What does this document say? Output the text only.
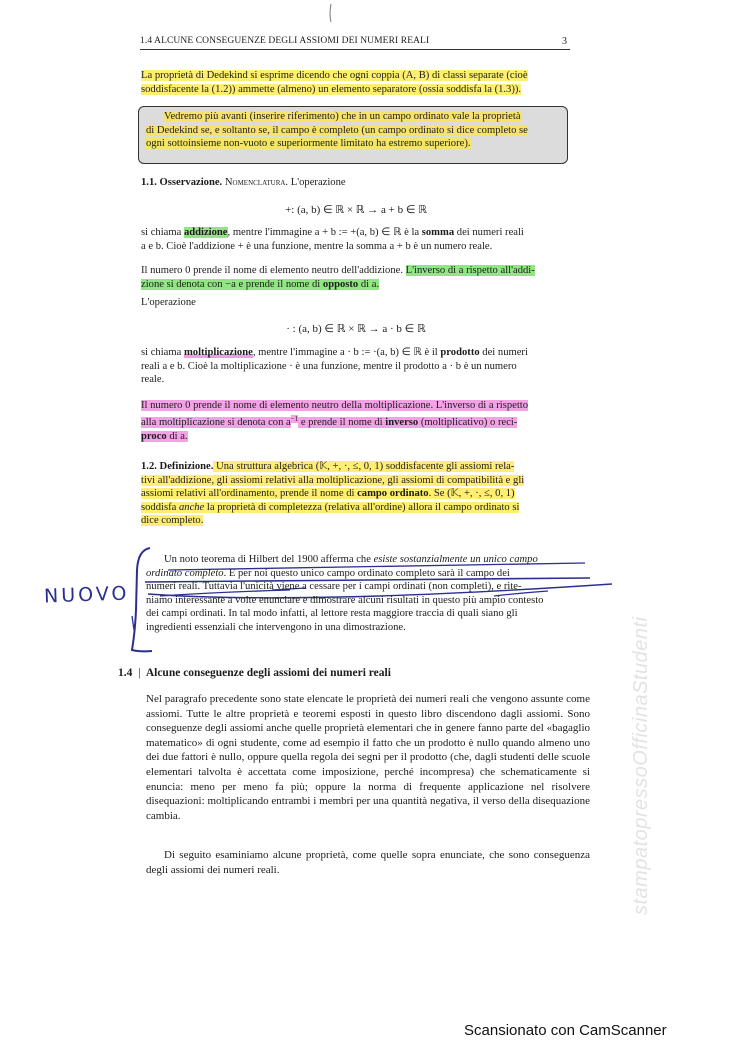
1.4 ALCUNE CONSEGUENZE DEGLI ASSIOMI DEI NUMERI REALI	3
La proprietà di Dedekind si esprime dicendo che ogni coppia (A, B) di classi separate (cioè
soddisfacente la (1.2)) ammette (almeno) un elemento separatore (ossia soddisfa la (1.3)).
Vedremo più avanti (inserire riferimento) che in un campo ordinato vale la proprietà
di Dedekind se, e soltanto se, il campo è completo (un campo ordinato si dice completo se
ogni sottoinsieme non-vuoto e superiormente limitato ha estremo superiore).
1.1. Osservazione. Nomenclatura. L'operazione
+: (a, b) ∈ ℝ × ℝ → a + b ∈ ℝ
si chiama addizione, mentre l'immagine a + b := +(a, b) ∈ ℝ è la somma dei numeri reali
a e b. Cioè l'addizione + è una funzione, mentre la somma a + b è un numero reale.
Il numero 0 prende il nome di elemento neutro dell'addizione. L'inverso di a rispetto all'addi-
zione si denota con −a e prende il nome di opposto di a.
L'operazione
· : (a, b) ∈ ℝ × ℝ → a · b ∈ ℝ
si chiama moltiplicazione, mentre l'immagine a · b := ·(a, b) ∈ ℝ è il prodotto dei numeri
reali a e b. Cioè la moltiplicazione · è una funzione, mentre il prodotto a · b è un numero
reale.
Il numero 0 prende il nome di elemento neutro della moltiplicazione. L'inverso di a rispetto
alla moltiplicazione si denota con $a^{-1}$ e prende il nome di inverso (moltiplicativo) o reci-
proco di a.
1.2. Definizione. Una struttura algebrica (𝕂, +, ·, ≤, 0, 1) soddisfacente gli assiomi rela-
tivi all'addizione, gli assiomi relativi alla moltiplicazione, gli assiomi di compatibilità e gli
assiomi relativi all'ordinamento, prende il nome di campo ordinato. Se (𝕂, +, ·, ≤, 0, 1)
soddisfa anche la proprietà di completezza (relativa all'ordine) allora il campo ordinato si
dice completo.
Un noto teorema di Hilbert del 1900 afferma che esiste sostanzialmente un unico campo
ordinato completo. E per noi questo unico campo ordinato completo sarà il campo dei
numeri reali. Tuttavia l'unicità viene a cessare per i campi ordinati (non completi), e rite-
niamo interessante a volte enunciare e dimostrare alcuni risultati in questo più ampio contesto
dei campi ordinati. In tal modo infatti, al lettore resta maggiore traccia di quali siano gli
ingredienti essenziali che intervengono in una dimostrazione.
NUOVO
1.4 | Alcune conseguenze degli assiomi dei numeri reali
Nel paragrafo precedente sono state elencate le proprietà dei numeri reali che vengono assunte come assiomi. Tutte le altre proprietà e teoremi esposti in questo libro discendono dagli assiomi. Sono conseguenze degli assiomi anche quelle proprietà elementari che in genere fanno parte del «bagaglio matematico» di ogni studente, come ad esempio il fatto che un prodotto è nullo quando almeno uno dei due fattori è nullo, oppure quella regola dei segni per il prodotto (che, dagli studenti delle scuole elementari talvolta è accettata come imposizione, perché incompresa) che schematicamente si enuncia: meno per meno fa più; oppure la norma di frequente applicazione nel risolvere disequazioni: moltiplicando entrambi i membri per una quantità negativa, il verso della disequazione cambia.
Di seguito esaminiamo alcune proprietà, come quelle sopra enunciate, che sono conseguenza degli assiomi dei numeri reali.	stampatopressoOfficinaStudenti
Scansionato con CamScanner
